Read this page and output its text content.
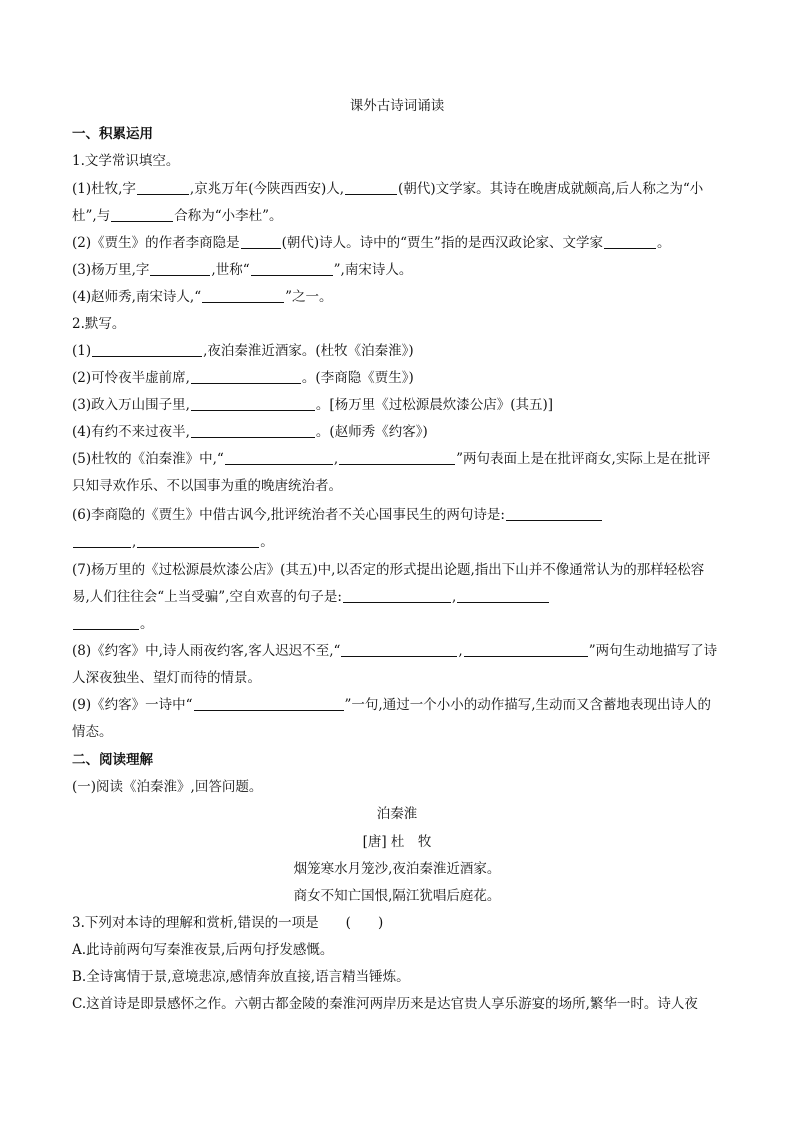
课外古诗词诵读
一、积累运用
1.文学常识填空。
(1)杜牧,字	,京兆万年(今陕西西安)人,	(朝代)文学家。其诗在晚唐成就颇高,后人称之为“小
杜”,与	合称为“小李杜”。
(2)《贾生》的作者李商隐是	(朝代)诗人。诗中的“贾生”指的是西汉政论家、文学家	。
(3)杨万里,字	,世称“	”,南宋诗人。
(4)赵师秀,南宋诗人,“	”之一。
2.默写。
(1)	,夜泊秦淮近酒家。(杜牧《泊秦淮》)
(2)可怜夜半虚前席,	。(李商隐《贾生》)
(3)政入万山围子里,	。[杨万里《过松源晨炊漆公店》(其五)]
(4)有约不来过夜半,	。(赵师秀《约客》)
(5)杜牧的《泊秦淮》中,“	,	”两句表面上是在批评商女,实际上是在批评
只知寻欢作乐、不以国事为重的晚唐统治者。
(6)李商隐的《贾生》中借古讽今,批评统治者不关心国事民生的两句诗是:
,	。
(7)杨万里的《过松源晨炊漆公店》(其五)中,以否定的形式提出论题,指出下山并不像通常认为的那样轻松容
易,人们往往会“上当受骗”,空自欢喜的句子是:	,
。
(8)《约客》中,诗人雨夜约客,客人迟迟不至,“	,	”两句生动地描写了诗
人深夜独坐、望灯而待的情景。
(9)《约客》一诗中“	”一句,通过一个小小的动作描写,生动而又含蓄地表现出诗人的
情态。
二、阅读理解
(一)阅读《泊秦淮》,回答问题。
泊秦淮
[唐] 杜　牧
烟笼寒水月笼沙,夜泊秦淮近酒家。
商女不知亡国恨,隔江犹唱后庭花。
3.下列对本诗的理解和赏析,错误的一项是　　(　　)
A.此诗前两句写秦淮夜景,后两句抒发感慨。
B.全诗寓情于景,意境悲凉,感情奔放直接,语言精当锤炼。
C.这首诗是即景感怀之作。六朝古都金陵的秦淮河两岸历来是达官贵人享乐游宴的场所,繁华一时。诗人夜
